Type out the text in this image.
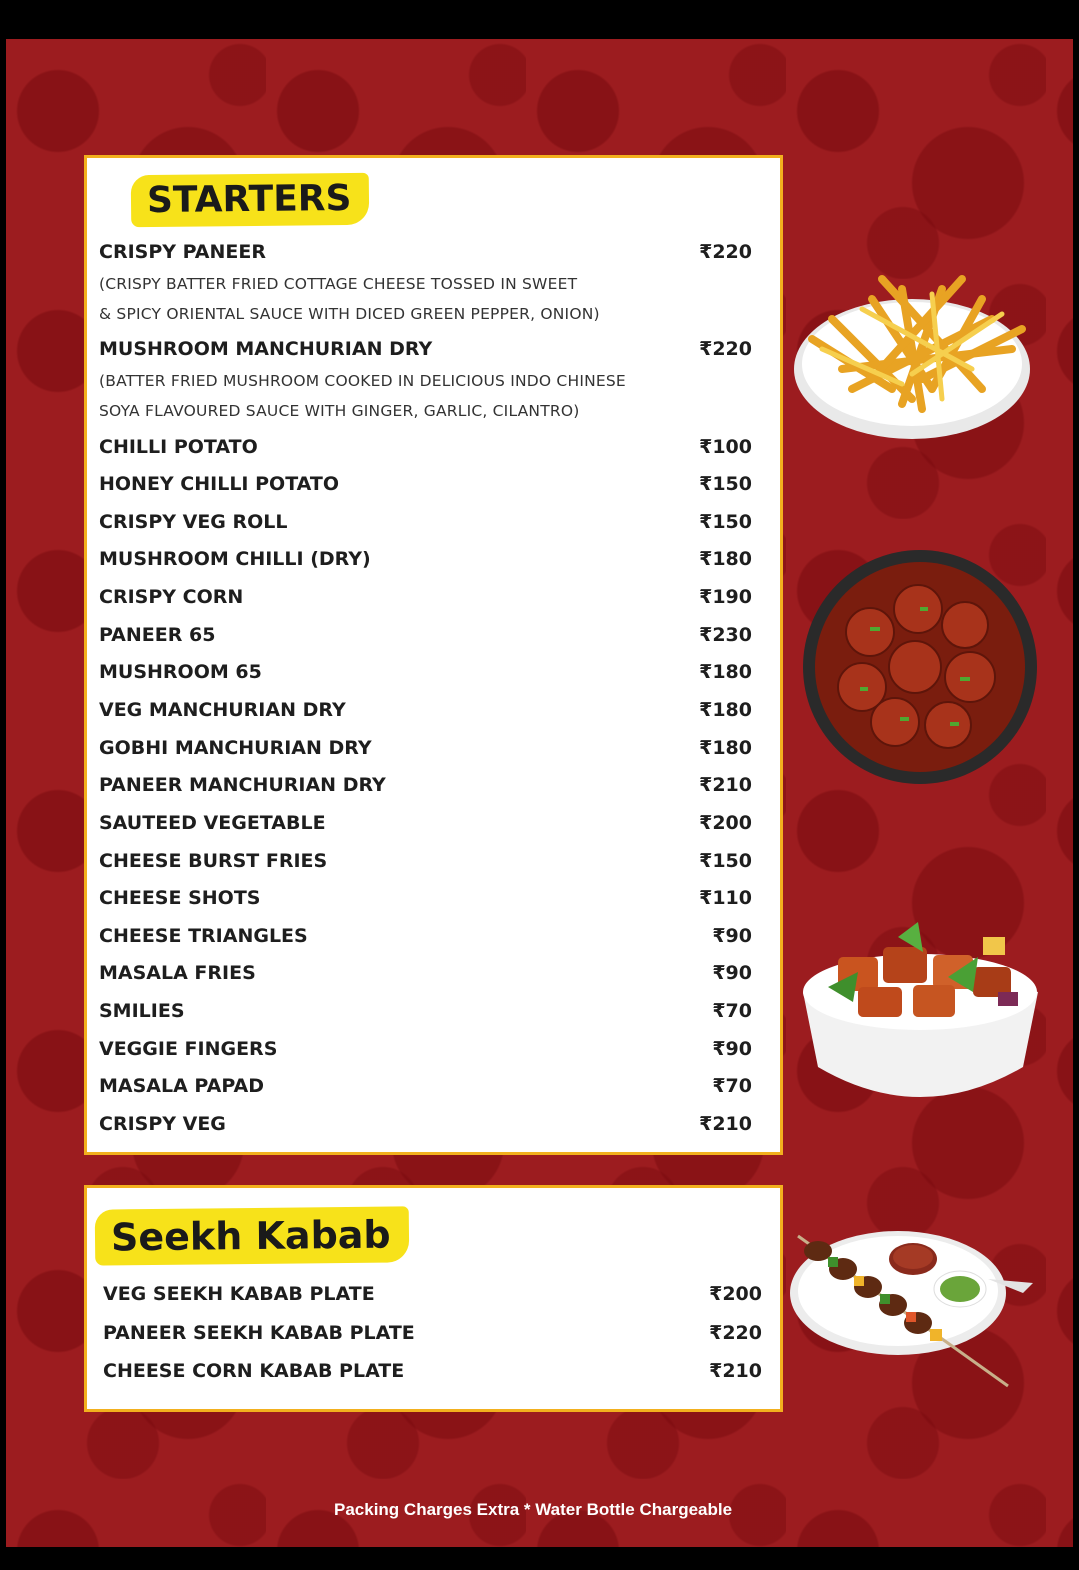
STARTERS
CRISPY PANEER	₹220
(CRISPY BATTER FRIED COTTAGE CHEESE TOSSED IN SWEET
& SPICY ORIENTAL SAUCE WITH DICED GREEN PEPPER, ONION)
MUSHROOM MANCHURIAN DRY	₹220
(BATTER FRIED MUSHROOM COOKED IN DELICIOUS INDO CHINESE
SOYA FLAVOURED SAUCE WITH GINGER, GARLIC, CILANTRO)
CHILLI POTATO	₹100
HONEY CHILLI POTATO	₹150
CRISPY VEG ROLL	₹150
MUSHROOM CHILLI (DRY)	₹180
CRISPY CORN	₹190
PANEER 65	₹230
MUSHROOM 65	₹180
VEG MANCHURIAN DRY	₹180
GOBHI MANCHURIAN DRY	₹180
PANEER MANCHURIAN DRY	₹210
SAUTEED VEGETABLE	₹200
CHEESE BURST FRIES	₹150
CHEESE SHOTS	₹110
CHEESE TRIANGLES	₹90
MASALA FRIES	₹90
SMILIES	₹70
VEGGIE FINGERS	₹90
MASALA PAPAD	₹70
CRISPY VEG	₹210
Seekh Kabab
VEG SEEKH KABAB PLATE	₹200
PANEER SEEKH KABAB PLATE	₹220
CHEESE CORN KABAB PLATE	₹210
Packing Charges Extra * Water Bottle Chargeable
